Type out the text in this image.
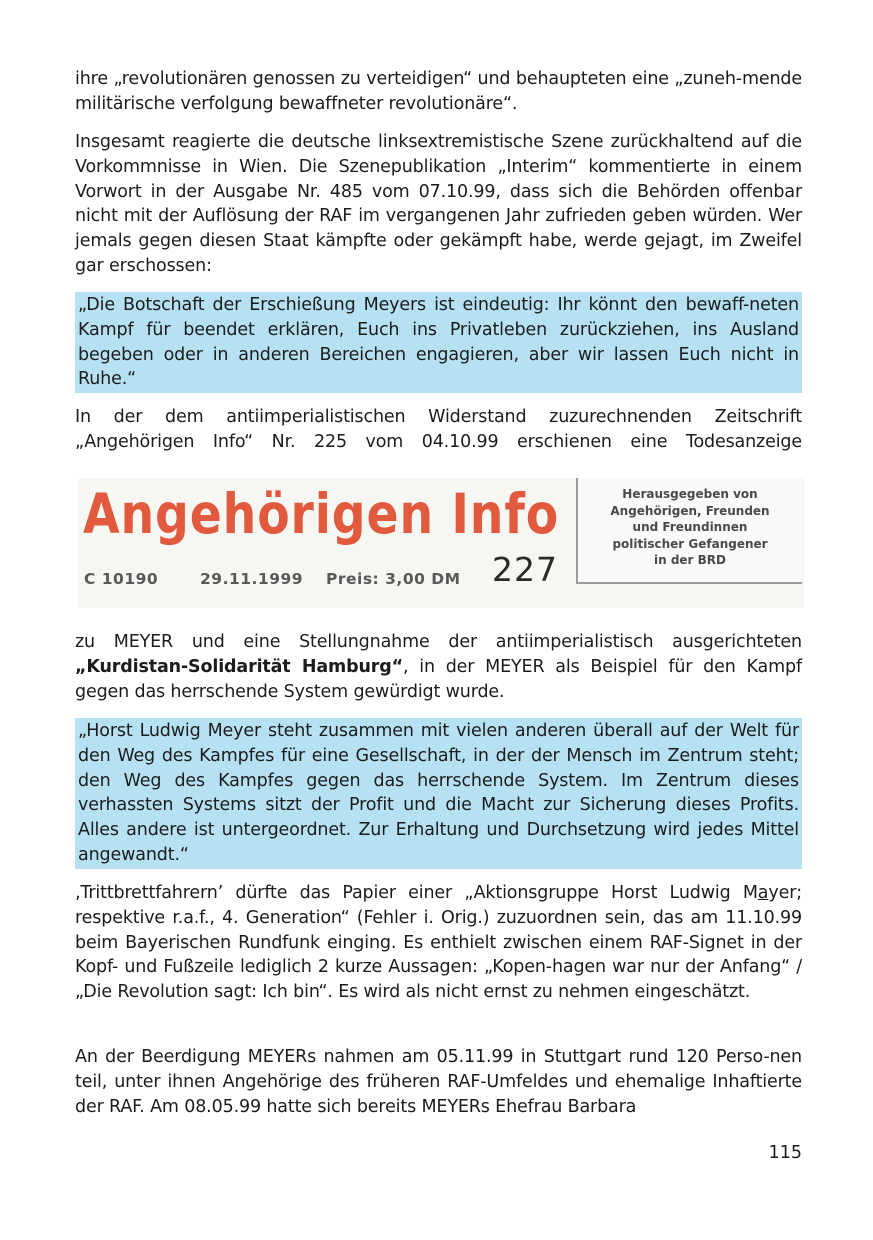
ihre „revolutionären genossen zu verteidigen“ und behaupteten eine „zuneh-mende militärische verfolgung bewaffneter revolutionäre“.

Insgesamt reagierte die deutsche linksextremistische Szene zurückhaltend auf die Vorkommnisse in Wien. Die Szenepublikation „Interim“ kommentierte in einem Vorwort in der Ausgabe Nr. 485 vom 07.10.99, dass sich die Behörden offenbar nicht mit der Auflösung der RAF im vergangenen Jahr zufrieden geben würden. Wer jemals gegen diesen Staat kämpfte oder gekämpft habe, werde gejagt, im Zweifel gar erschossen:

„Die Botschaft der Erschießung Meyers ist eindeutig: Ihr könnt den bewaff-neten Kampf für beendet erklären, Euch ins Privatleben zurückziehen, ins Ausland begeben oder in anderen Bereichen engagieren, aber wir lassen Euch nicht in Ruhe.“

In der dem antiimperialistischen Widerstand zuzurechnenden Zeitschrift „Angehörigen Info“ Nr. 225 vom 04.10.99 erschienen eine Todesanzeige

Angehörigen Info
C 10190	29.11.1999 Preis: 3,00 DM 227
Herausgegeben von
Angehörigen, Freunden
und Freundinnen
politischer Gefangener
in der BRD

zu MEYER und eine Stellungnahme der antiimperialistisch ausgerichteten „Kurdistan-Solidarität Hamburg“, in der MEYER als Beispiel für den Kampf gegen das herrschende System gewürdigt wurde.

„Horst Ludwig Meyer steht zusammen mit vielen anderen überall auf der Welt für den Weg des Kampfes für eine Gesellschaft, in der der Mensch im Zentrum steht; den Weg des Kampfes gegen das herrschende System. Im Zentrum dieses verhassten Systems sitzt der Profit und die Macht zur Sicherung dieses Profits. Alles andere ist untergeordnet. Zur Erhaltung und Durchsetzung wird jedes Mittel angewandt.“

‚Trittbrettfahrern’ dürfte das Papier einer „Aktionsgruppe Horst Ludwig Mayer; respektive r.a.f., 4. Generation“ (Fehler i. Orig.) zuzuordnen sein, das am 11.10.99 beim Bayerischen Rundfunk einging. Es enthielt zwischen einem RAF-Signet in der Kopf- und Fußzeile lediglich 2 kurze Aussagen: „Kopen-hagen war nur der Anfang“ / „Die Revolution sagt: Ich bin“. Es wird als nicht ernst zu nehmen eingeschätzt.

An der Beerdigung MEYERs nahmen am 05.11.99 in Stuttgart rund 120 Perso-nen teil, unter ihnen Angehörige des früheren RAF-Umfeldes und ehemalige Inhaftierte der RAF. Am 08.05.99 hatte sich bereits MEYERs Ehefrau Barbara

115
